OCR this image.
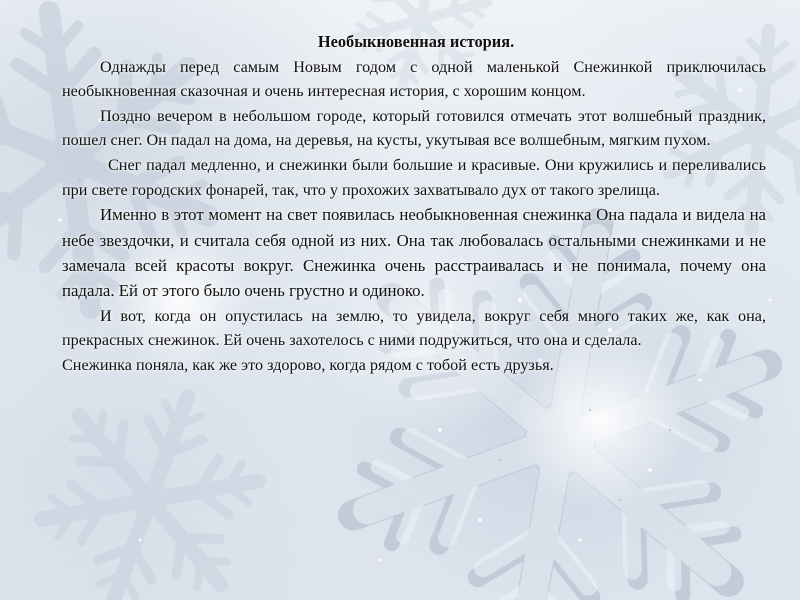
Необыкновенная история.

Однажды перед самым Новым годом с одной маленькой Снежинкой приключилась необыкновенная сказочная и очень интересная история, с хорошим концом.

Поздно вечером в небольшом городе, который готовился отмечать этот волшебный праздник, пошел снег. Он падал на дома, на деревья, на кусты, укутывая все волшебным, мягким пухом.

Снег падал медленно, и снежинки были большие и красивые. Они кружились и переливались при свете городских фонарей, так, что у прохожих захватывало дух от такого зрелища.

Именно в этот момент на свет появилась необыкновенная снежинка Она падала и видела на небе звездочки, и считала себя одной из них. Она так любовалась остальными снежинками и не замечала всей красоты вокруг. Снежинка очень расстраивалась и не понимала, почему она падала. Ей от этого было очень грустно и одиноко.

И вот, когда он опустилась на землю, то увидела, вокруг себя много таких же, как она, прекрасных снежинок. Ей очень захотелось с ними подружиться, что она и сделала.

Снежинка поняла, как же это здорово, когда рядом с тобой есть друзья.
